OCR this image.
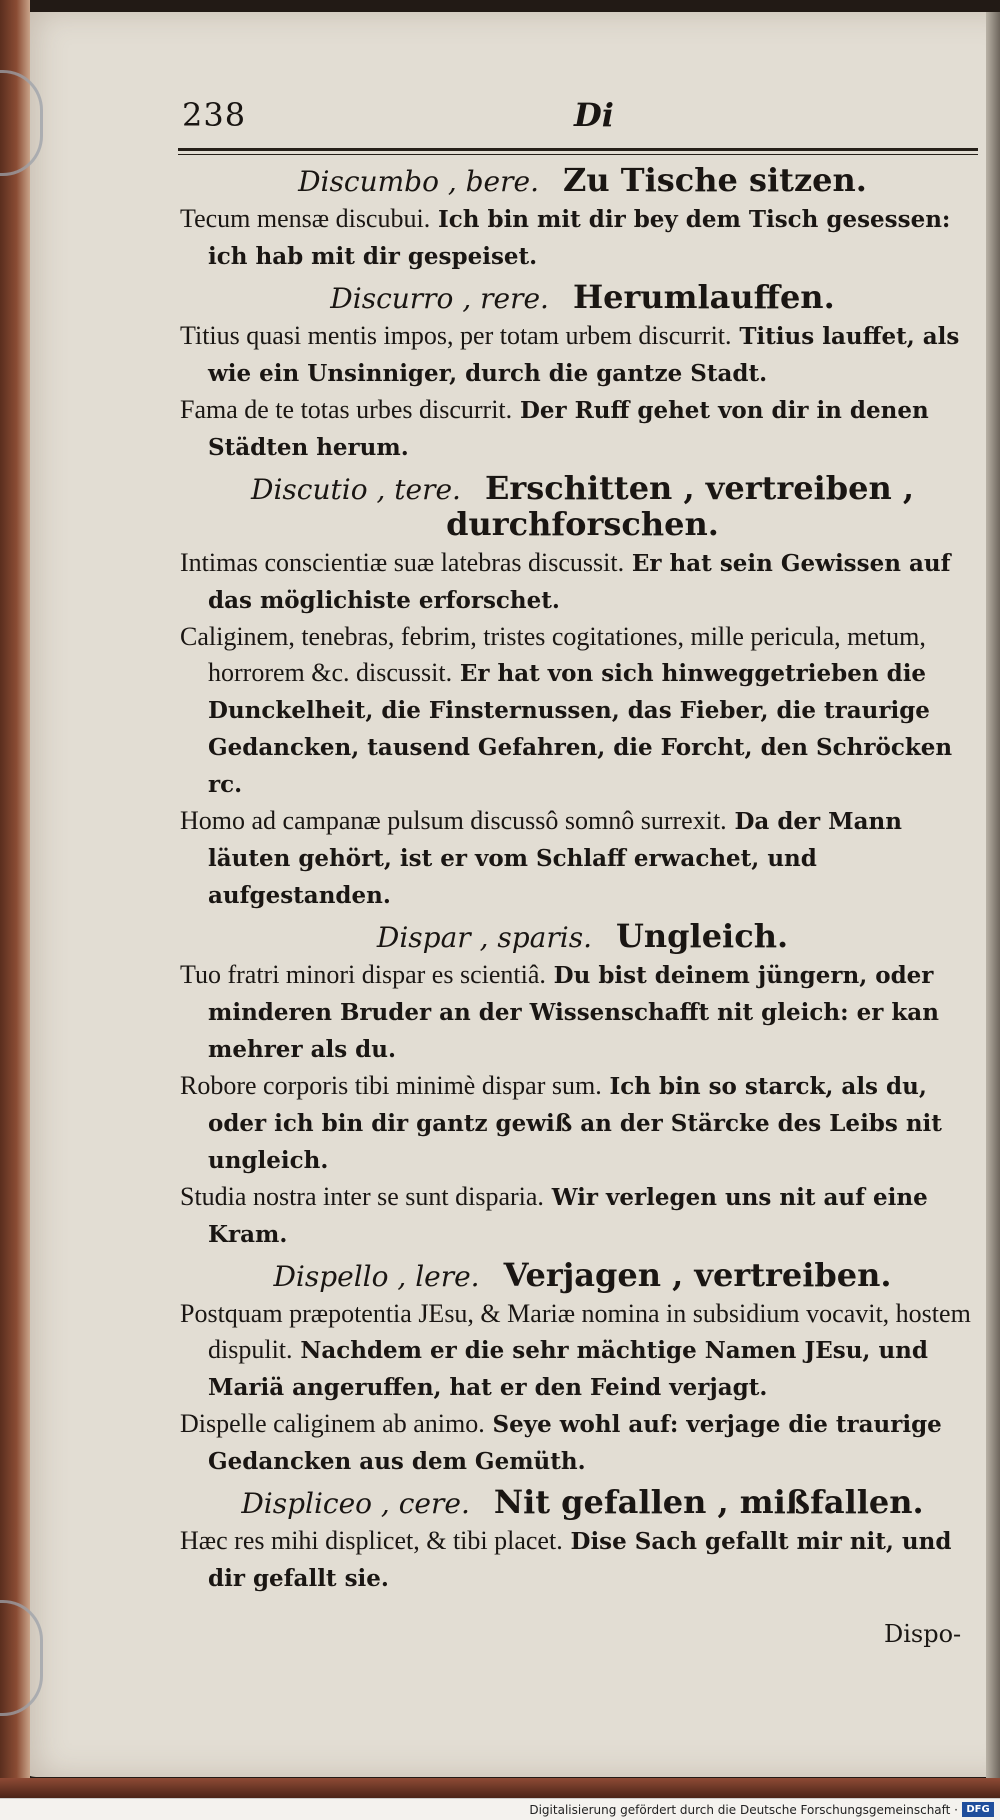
238	Di
Discumbo , bere. Zu Tische sitzen.

Tecum mensæ discubui. Ich bin mit dir bey dem Tisch gesessen: ich hab mit dir gespeiset.

Discurro , rere. Herumlauffen.

Titius quasi mentis impos, per totam urbem discurrit. Titius lauffet, als wie ein Unsinniger, durch die gantze Stadt.

Fama de te totas urbes discurrit. Der Ruff gehet von dir in denen Städten herum.

Discutio , tere. Erschitten , vertreiben , durchforschen.

Intimas conscientiæ suæ latebras discussit. Er hat sein Gewissen auf das möglichiste erforschet.

Caliginem, tenebras, febrim, tristes cogitationes, mille pericula, metum, horrorem &c. discussit. Er hat von sich hinweggetrieben die Dunckelheit, die Finsternussen, das Fieber, die traurige Gedancken, tausend Gefahren, die Forcht, den Schröcken rc.

Homo ad campanæ pulsum discussô somnô surrexit. Da der Mann läuten gehört, ist er vom Schlaff erwachet, und aufgestanden.

Dispar , sparis. Ungleich.

Tuo fratri minori dispar es scientiâ. Du bist deinem jüngern, oder minderen Bruder an der Wissenschafft nit gleich: er kan mehrer als du.

Robore corporis tibi minimè dispar sum. Ich bin so starck, als du, oder ich bin dir gantz gewiß an der Stärcke des Leibs nit ungleich.

Studia nostra inter se sunt disparia. Wir verlegen uns nit auf eine Kram.

Dispello , lere. Verjagen , vertreiben.

Postquam præpotentia JEsu, & Mariæ nomina in subsidium vocavit, hostem dispulit. Nachdem er die sehr mächtige Namen JEsu, und Mariä angeruffen, hat er den Feind verjagt.

Dispelle caliginem ab animo. Seye wohl auf: verjage die traurige Gedancken aus dem Gemüth.

Displiceo , cere. Nit gefallen , mißfallen.

Hæc res mihi displicet, & tibi placet. Dise Sach gefallt mir nit, und dir gefallt sie.

Dispo-
Digitalisierung gefördert durch die Deutsche Forschungsgemeinschaft · DFG
